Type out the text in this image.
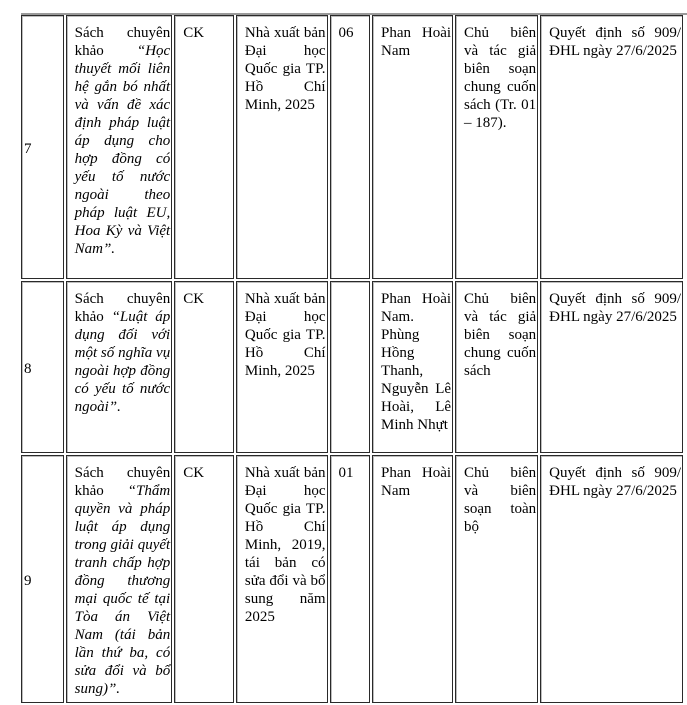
7	Sách chuyên khảo “Học thuyết mối liên hệ gắn bó nhất và vấn đề xác định pháp luật áp dụng cho hợp đồng có yếu tố nước ngoài theo pháp luật EU, Hoa Kỳ và Việt Nam”.	CK	Nhà xuất bản Đại học Quốc gia TP. Hồ Chí Minh, 2025	06	Phan Hoài Nam	Chủ biên và tác giả biên soạn chung cuốn sách (Tr. 01 – 187).	Quyết định số 909/ĐHL ngày 27/6/2025
8	Sách chuyên khảo “Luật áp dụng đối với một số nghĩa vụ ngoài hợp đồng có yếu tố nước ngoài”.	CK	Nhà xuất bản Đại học Quốc gia TP. Hồ Chí Minh, 2025		Phan Hoài Nam. Phùng Hồng Thanh, Nguyễn Lê Hoài, Lê Minh Nhựt	Chủ biên và tác giả biên soạn chung cuốn sách	Quyết định số 909/ĐHL ngày 27/6/2025
9	Sách chuyên khảo “Thẩm quyền và pháp luật áp dụng trong giải quyết tranh chấp hợp đồng thương mại quốc tế tại Tòa án Việt Nam (tái bản lần thứ ba, có sửa đổi và bổ sung)”.	CK	Nhà xuất bản Đại học Quốc gia TP. Hồ Chí Minh, 2019, tái bản có sửa đổi và bổ sung năm 2025	01	Phan Hoài Nam	Chủ biên và biên soạn toàn bộ	Quyết định số 909/ĐHL ngày 27/6/2025
